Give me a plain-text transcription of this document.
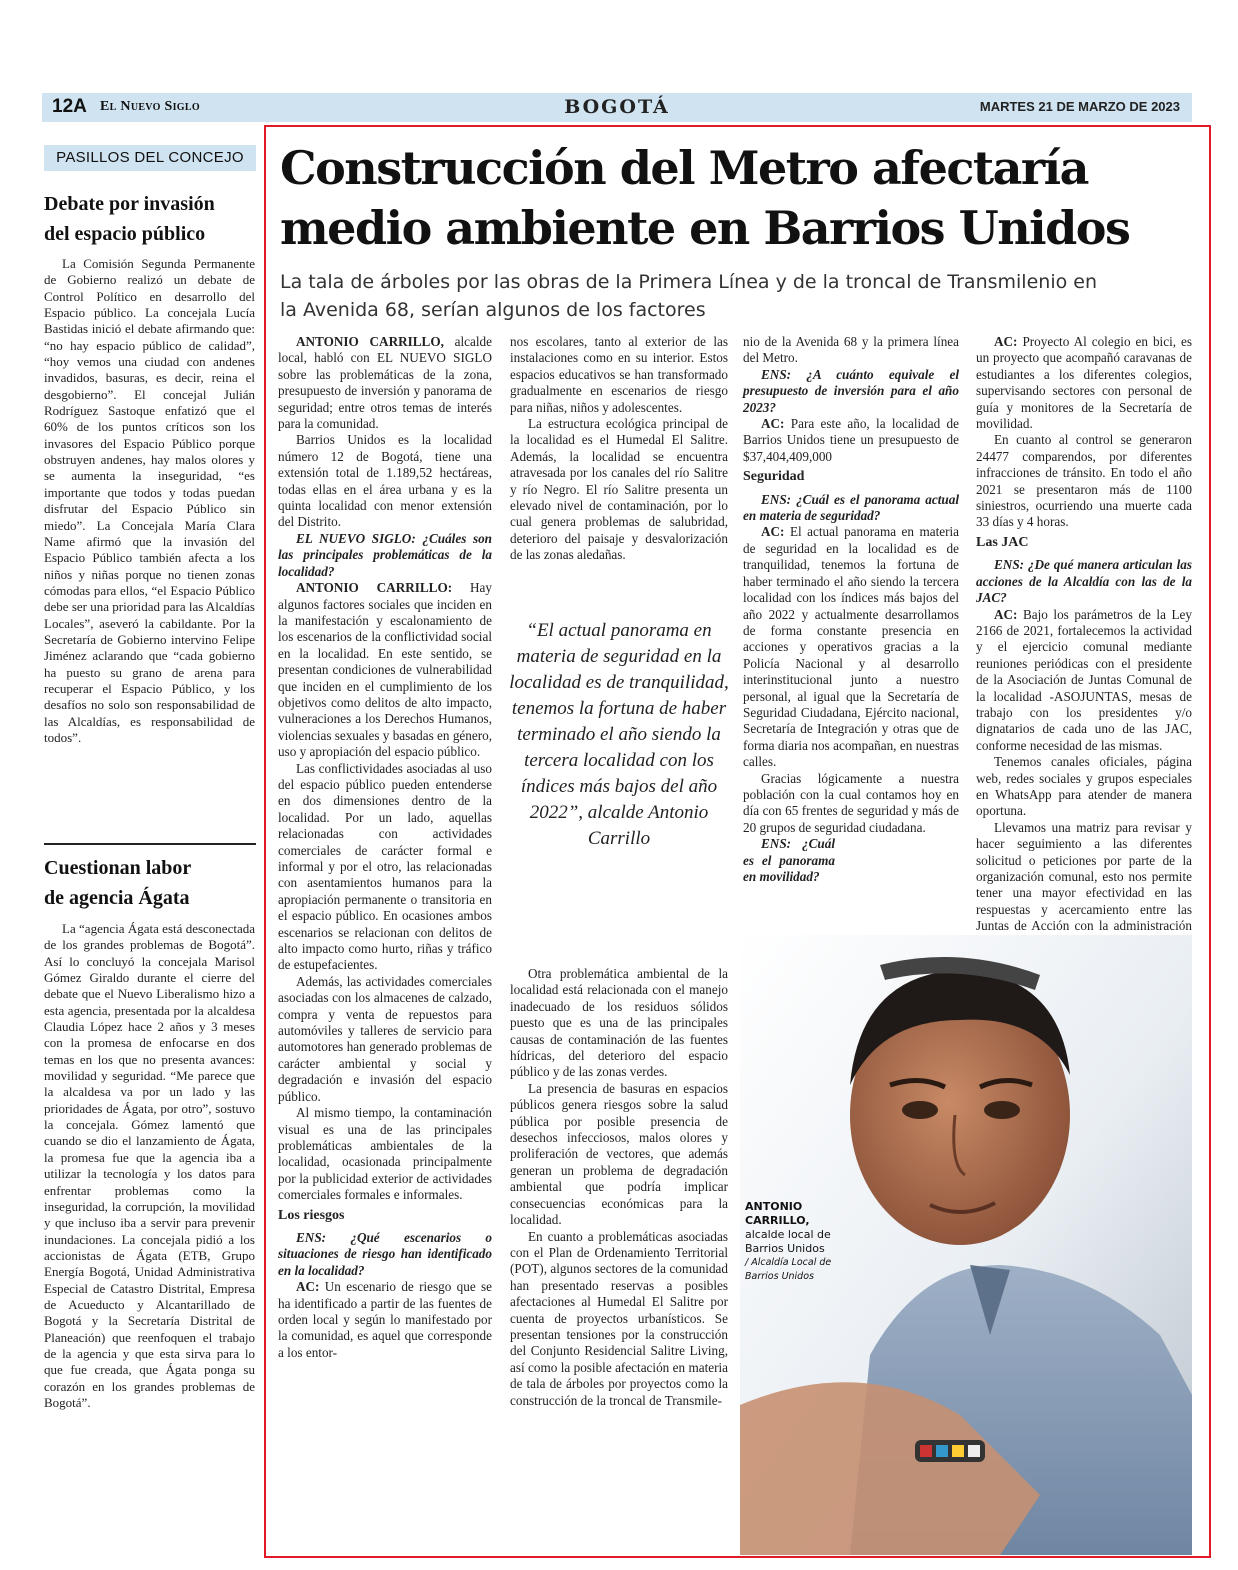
12A El Nuevo Siglo	BOGOTÁ	MARTES 21 DE MARZO DE 2023
PASILLOS DEL CONCEJO
Debate por invasión
del espacio público

La Comisión Segunda Permanente de Gobierno realizó un debate de Control Político en desarrollo del Espacio público. La concejala Lucía Bastidas inició el debate afirmando que: “no hay espacio público de calidad”, “hoy vemos una ciudad con andenes invadidos, basuras, es decir, reina el desgobierno”. El concejal Julián Rodríguez Sastoque enfatizó que el 60% de los puntos críticos son los invasores del Espacio Público porque obstruyen andenes, hay malos olores y se aumenta la inseguridad, “es importante que todos y todas puedan disfrutar del Espacio Público sin miedo”. La Concejala María Clara Name afirmó que la invasión del Espacio Público también afecta a los niños y niñas porque no tienen zonas cómodas para ellos, “el Espacio Público debe ser una prioridad para las Alcaldías Locales”, aseveró la cabildante. Por la Secretaría de Gobierno intervino Felipe Jiménez aclarando que “cada gobierno ha puesto su grano de arena para recuperar el Espacio Público, y los desafíos no solo son responsabilidad de las Alcaldías, es responsabilidad de todos”.

Cuestionan labor
de agencia Ágata

La “agencia Ágata está desconectada de los grandes problemas de Bogotá”. Así lo concluyó la concejala Marisol Gómez Giraldo durante el cierre del debate que el Nuevo Liberalismo hizo a esta agencia, presentada por la alcaldesa Claudia López hace 2 años y 3 meses con la promesa de enfocarse en dos temas en los que no presenta avances: movilidad y seguridad. “Me parece que la alcaldesa va por un lado y las prioridades de Ágata, por otro”, sostuvo la concejala. Gómez lamentó que cuando se dio el lanzamiento de Ágata, la promesa fue que la agencia iba a utilizar la tecnología y los datos para enfrentar problemas como la inseguridad, la corrupción, la movilidad y que incluso iba a servir para prevenir inundaciones. La concejala pidió a los accionistas de Ágata (ETB, Grupo Energía Bogotá, Unidad Administrativa Especial de Catastro Distrital, Empresa de Acueducto y Alcantarillado de Bogotá y la Secretaría Distrital de Planeación) que reenfoquen el trabajo de la agencia y que esta sirva para lo que fue creada, que Ágata ponga su corazón en los grandes problemas de Bogotá”.

Construcción del Metro afectaría
medio ambiente en Barrios Unidos
La tala de árboles por las obras de la Primera Línea y de la troncal de Transmilenio en
la Avenida 68, serían algunos de los factores

ANTONIO CARRILLO, alcalde local, habló con EL NUEVO SIGLO sobre las problemáticas de la zona, presupuesto de inversión y panorama de seguridad; entre otros temas de interés para la comunidad.

Barrios Unidos es la localidad número 12 de Bogotá, tiene una extensión total de 1.189,52 hectáreas, todas ellas en el área urbana y es la quinta localidad con menor extensión del Distrito.

EL NUEVO SIGLO: ¿Cuáles son las principales problemáticas de la localidad?

ANTONIO CARRILLO: Hay algunos factores sociales que inciden en la manifestación y escalonamiento de los escenarios de la conflictividad social en la localidad. En este sentido, se presentan condiciones de vulnerabilidad que inciden en el cumplimiento de los objetivos como delitos de alto impacto, vulneraciones a los Derechos Humanos, violencias sexuales y basadas en género, uso y apropiación del espacio público.

Las conflictividades asociadas al uso del espacio público pueden entenderse en dos dimensiones dentro de la localidad. Por un lado, aquellas relacionadas con actividades comerciales de carácter formal e informal y por el otro, las relacionadas con asentamientos humanos para la apropiación permanente o transitoria en el espacio público. En ocasiones ambos escenarios se relacionan con delitos de alto impacto como hurto, riñas y tráfico de estupefacientes.

Además, las actividades comerciales asociadas con los almacenes de calzado, compra y venta de repuestos para automóviles y talleres de servicio para automotores han generado problemas de carácter ambiental y social y degradación e invasión del espacio público.

Al mismo tiempo, la contaminación visual es una de las principales problemáticas ambientales de la localidad, ocasionada principalmente por la publicidad exterior de actividades comerciales formales e informales.

Los riesgos

ENS: ¿Qué escenarios o situaciones de riesgo han identificado en la localidad?

AC: Un escenario de riesgo que se ha identificado a partir de las fuentes de orden local y según lo manifestado por la comunidad, es aquel que corresponde a los entor-

nos escolares, tanto al exterior de las instalaciones como en su interior. Estos espacios educativos se han transformado gradualmente en escenarios de riesgo para niñas, niños y adolescentes.

La estructura ecológica principal de la localidad es el Humedal El Salitre. Además, la localidad se encuentra atravesada por los canales del río Salitre y río Negro. El río Salitre presenta un elevado nivel de contaminación, por lo cual genera problemas de salubridad, deterioro del paisaje y desvalorización de las zonas aledañas.

“El actual panorama en materia de seguridad en la localidad es de tranquilidad, tenemos la fortuna de haber terminado el año siendo la tercera localidad con los índices más bajos del año 2022”, alcalde Antonio Carrillo

Otra problemática ambiental de la localidad está relacionada con el manejo inadecuado de los residuos sólidos puesto que es una de las principales causas de contaminación de las fuentes hídricas, del deterioro del espacio público y de las zonas verdes.

La presencia de basuras en espacios públicos genera riesgos sobre la salud pública por posible presencia de desechos infecciosos, malos olores y proliferación de vectores, que además generan un problema de degradación ambiental que podría implicar consecuencias económicas para la localidad.

En cuanto a problemáticas asociadas con el Plan de Ordenamiento Territorial (POT), algunos sectores de la comunidad han presentado reservas a posibles afectaciones al Humedal El Salitre por cuenta de proyectos urbanísticos. Se presentan tensiones por la construcción del Conjunto Residencial Salitre Living, así como la posible afectación en materia de tala de árboles por proyectos como la construcción de la troncal de Transmile-

nio de la Avenida 68 y la primera línea del Metro.

ENS: ¿A cuánto equivale el presupuesto de inversión para el año 2023?

AC: Para este año, la localidad de Barrios Unidos tiene un presupuesto de $37,404,409,000

Seguridad

ENS: ¿Cuál es el panorama actual en materia de seguridad?

AC: El actual panorama en materia de seguridad en la localidad es de tranquilidad, tenemos la fortuna de haber terminado el año siendo la tercera localidad con los índices más bajos del año 2022 y actualmente desarrollamos de forma constante presencia en acciones y operativos gracias a la Policía Nacional y al desarrollo interinstitucional junto a nuestro personal, al igual que la Secretaría de Seguridad Ciudadana, Ejército nacional, Secretaría de Integración y otras que de forma diaria nos acompañan, en nuestras calles.

Gracias lógicamente a nuestra población con la cual contamos hoy en día con 65 frentes de seguridad y más de 20 grupos de seguridad ciudadana.

ENS: ¿Cuál es el panorama en movilidad?

AC: Proyecto Al colegio en bici, es un proyecto que acompañó caravanas de estudiantes a los diferentes colegios, supervisando sectores con personal de guía y monitores de la Secretaría de movilidad.

En cuanto al control se generaron 24477 comparendos, por diferentes infracciones de tránsito. En todo el año 2021 se presentaron más de 1100 siniestros, ocurriendo una muerte cada 33 días y 4 horas.

Las JAC

ENS: ¿De qué manera articulan las acciones de la Alcaldía con las de la JAC?

AC: Bajo los parámetros de la Ley 2166 de 2021, fortalecemos la actividad y el ejercicio comunal mediante reuniones periódicas con el presidente de la Asociación de Juntas Comunal de la localidad -ASOJUNTAS, mesas de trabajo con los presidentes y/o dignatarios de cada uno de las JAC, conforme necesidad de las mismas.

Tenemos canales oficiales, página web, redes sociales y grupos especiales en WhatsApp para atender de manera oportuna.

Llevamos una matriz para revisar y hacer seguimiento a las diferentes solicitud o peticiones por parte de la organización comunal, esto nos permite tener una mayor efectividad en las respuestas y acercamiento entre las Juntas de Acción con la administración

ANTONIO CARRILLO,
alcalde local de Barrios Unidos
/ Alcaldía Local de Barrios Unidos
